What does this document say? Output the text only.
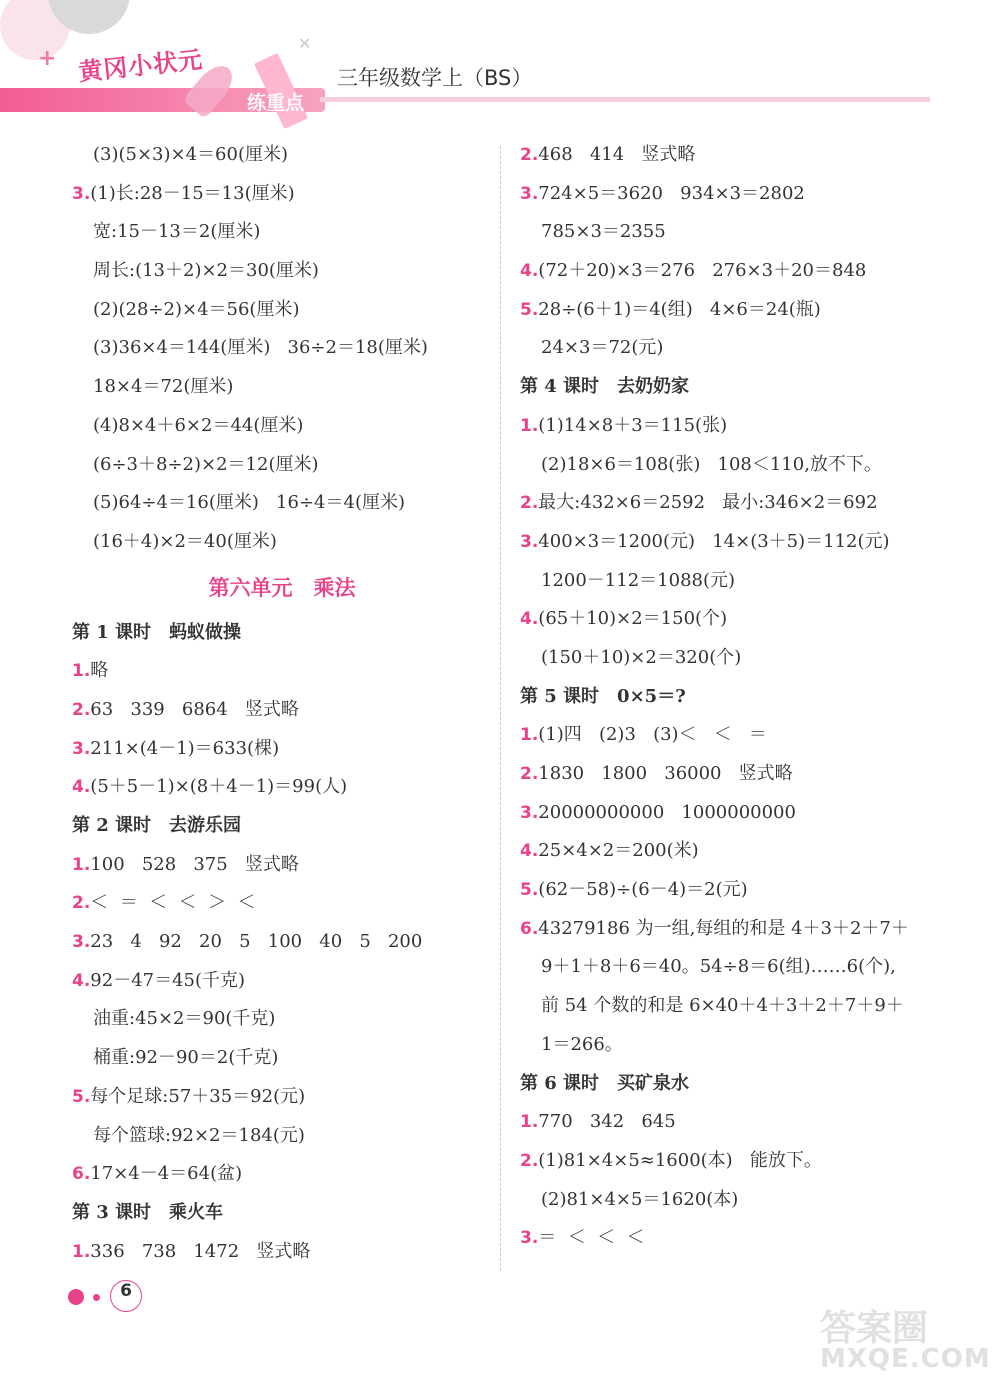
+
✕
黄冈小状元
练重点
三年级数学上（BS）
(3)(5×3)×4＝60(厘米)
3.(1)长:28－15＝13(厘米)
宽:15－13＝2(厘米)
周长:(13＋2)×2＝30(厘米)
(2)(28÷2)×4＝56(厘米)
(3)36×4＝144(厘米)   36÷2＝18(厘米)
18×4＝72(厘米)
(4)8×4＋6×2＝44(厘米)
(6÷3＋8÷2)×2＝12(厘米)
(5)64÷4＝16(厘米)   16÷4＝4(厘米)
(16＋4)×2＝40(厘米)
第六单元　乘法
第 1 课时　蚂蚁做操
1.略
2.63   339   6864   竖式略
3.211×(4－1)＝633(棵)
4.(5＋5－1)×(8＋4－1)＝99(人)
第 2 课时　去游乐园
1.100   528   375   竖式略
2.＜  ＝  ＜  ＜  ＞  ＜
3.23   4   92   20   5   100   40   5   200
4.92－47＝45(千克)
油重:45×2＝90(千克)
桶重:92－90＝2(千克)
5.每个足球:57＋35＝92(元)
每个篮球:92×2＝184(元)
6.17×4－4＝64(盆)
第 3 课时　乘火车
1.336   738   1472   竖式略
2.468   414   竖式略
3.724×5＝3620   934×3＝2802
785×3＝2355
4.(72＋20)×3＝276   276×3＋20＝848
5.28÷(6＋1)＝4(组)   4×6＝24(瓶)
24×3＝72(元)
第 4 课时　去奶奶家
1.(1)14×8＋3＝115(张)
(2)18×6＝108(张)   108＜110,放不下。
2.最大:432×6＝2592   最小:346×2＝692
3.400×3＝1200(元)   14×(3＋5)＝112(元)
1200－112＝1088(元)
4.(65＋10)×2＝150(个)
(150＋10)×2＝320(个)
第 5 课时　0×5＝?
1.(1)四   (2)3   (3)＜   ＜   ＝
2.1830   1800   36000   竖式略
3.20000000000   1000000000
4.25×4×2＝200(米)
5.(62－58)÷(6－4)＝2(元)
6.43279186 为一组,每组的和是 4＋3＋2＋7＋
9＋1＋8＋6＝40。54÷8＝6(组)……6(个),
前 54 个数的和是 6×40＋4＋3＋2＋7＋9＋
1＝266。
第 6 课时　买矿泉水
1.770   342   645
2.(1)81×4×5≈1600(本)   能放下。
(2)81×4×5＝1620(本)
3.＝  ＜  ＜  ＜
6
答案圈
MXQE.COM
